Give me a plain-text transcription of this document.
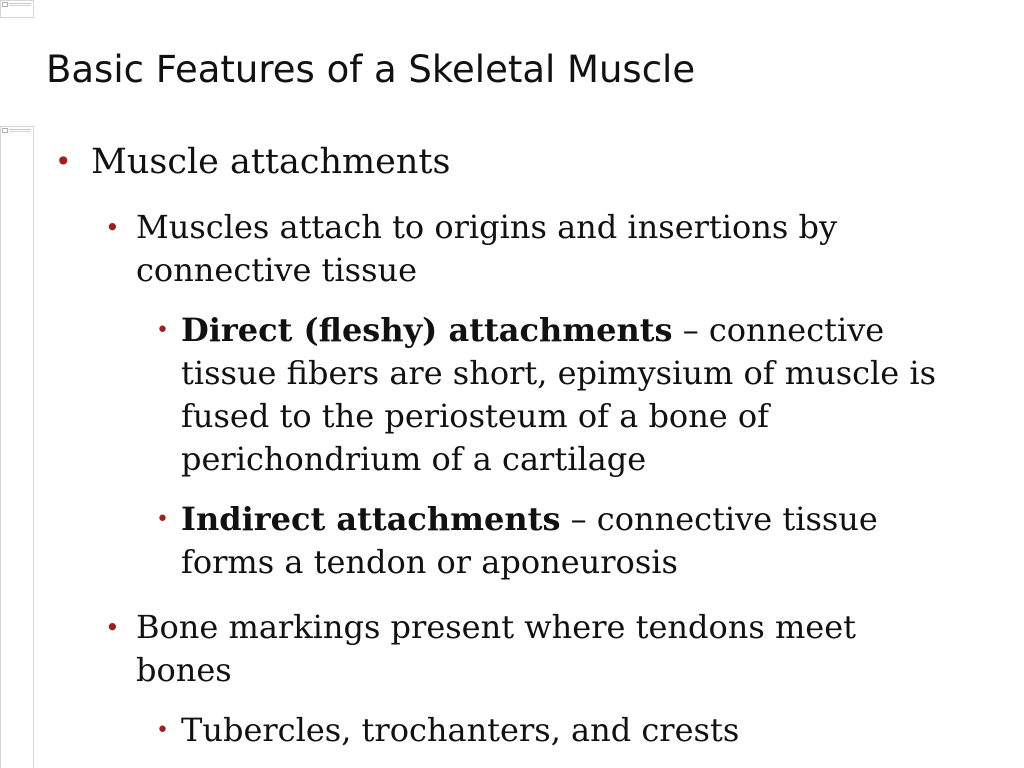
Basic Features of a Skeletal Muscle
• Muscle attachments
• Muscles attach to origins and insertions by connective tissue
• Direct (fleshy) attachments – connective tissue fibers are short, epimysium of muscle is fused to the periosteum of a bone of perichondrium of a cartilage
• Indirect attachments – connective tissue forms a tendon or aponeurosis
• Bone markings present where tendons meet bones
• Tubercles, trochanters, and crests
